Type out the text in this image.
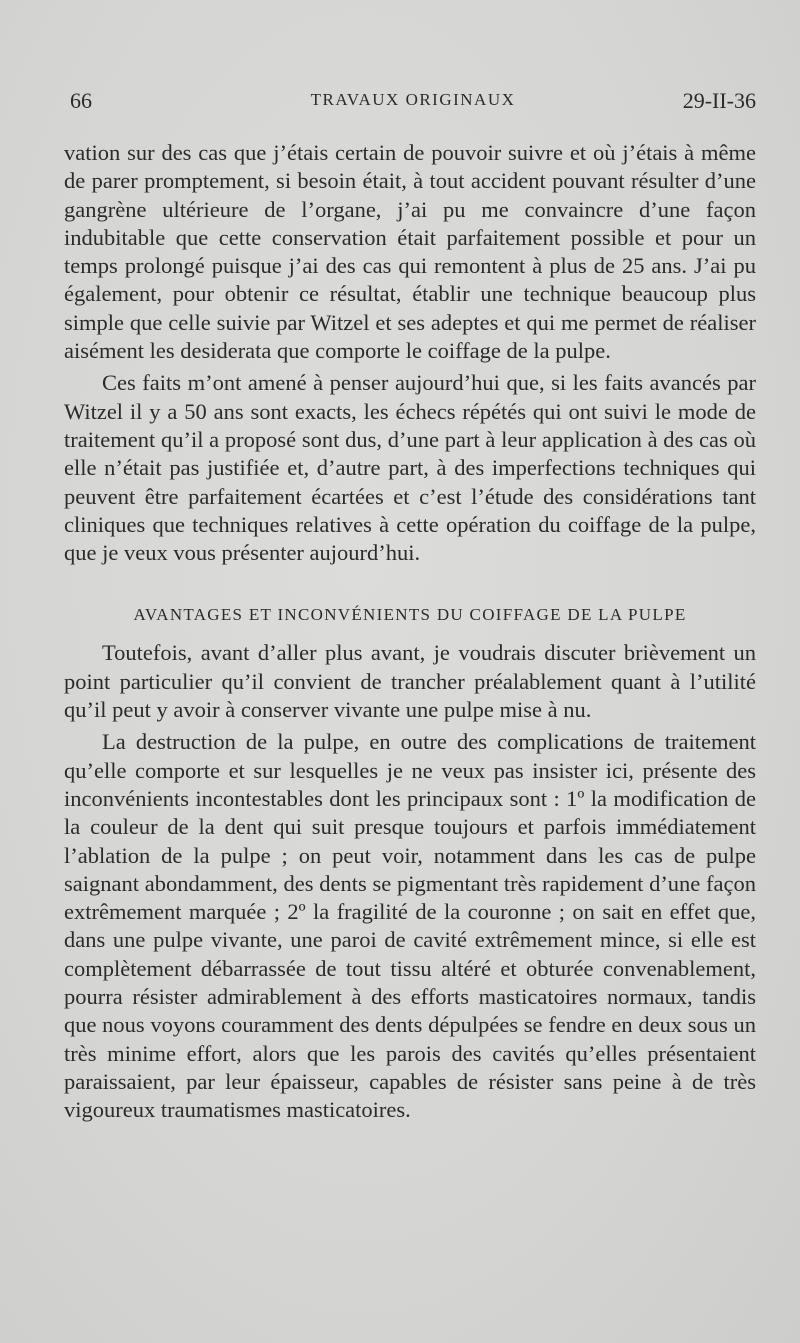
66	TRAVAUX ORIGINAUX	29-II-36

vation sur des cas que j’étais certain de pouvoir suivre et où j’étais à même de parer promptement, si besoin était, à tout accident pouvant résulter d’une gangrène ultérieure de l’organe, j’ai pu me convaincre d’une façon indubitable que cette conservation était parfaitement possible et pour un temps prolongé puisque j’ai des cas qui remontent à plus de 25 ans. J’ai pu également, pour obtenir ce résultat, établir une technique beaucoup plus simple que celle suivie par Witzel et ses adeptes et qui me permet de réaliser aisément les desiderata que comporte le coiffage de la pulpe.

Ces faits m’ont amené à penser aujourd’hui que, si les faits avancés par Witzel il y a 50 ans sont exacts, les échecs répétés qui ont suivi le mode de traitement qu’il a proposé sont dus, d’une part à leur application à des cas où elle n’était pas justifiée et, d’autre part, à des imperfections techniques qui peuvent être parfaitement écartées et c’est l’étude des considérations tant cliniques que techniques relatives à cette opération du coiffage de la pulpe, que je veux vous présenter aujourd’hui.

AVANTAGES ET INCONVÉNIENTS DU COIFFAGE DE LA PULPE

Toutefois, avant d’aller plus avant, je voudrais discuter brièvement un point particulier qu’il convient de trancher préalablement quant à l’utilité qu’il peut y avoir à conserver vivante une pulpe mise à nu.

La destruction de la pulpe, en outre des complications de traitement qu’elle comporte et sur lesquelles je ne veux pas insister ici, présente des inconvénients incontestables dont les principaux sont : 1º la modification de la couleur de la dent qui suit presque toujours et parfois immédiatement l’ablation de la pulpe ; on peut voir, notamment dans les cas de pulpe saignant abondamment, des dents se pigmentant très rapidement d’une façon extrêmement marquée ; 2º la fragilité de la couronne ; on sait en effet que, dans une pulpe vivante, une paroi de cavité extrêmement mince, si elle est complètement débarrassée de tout tissu altéré et obturée convenablement, pourra résister admirablement à des efforts masticatoires normaux, tandis que nous voyons couramment des dents dépulpées se fendre en deux sous un très minime effort, alors que les parois des cavités qu’elles présentaient paraissaient, par leur épaisseur, capables de résister sans peine à de très vigoureux traumatismes masticatoires.
